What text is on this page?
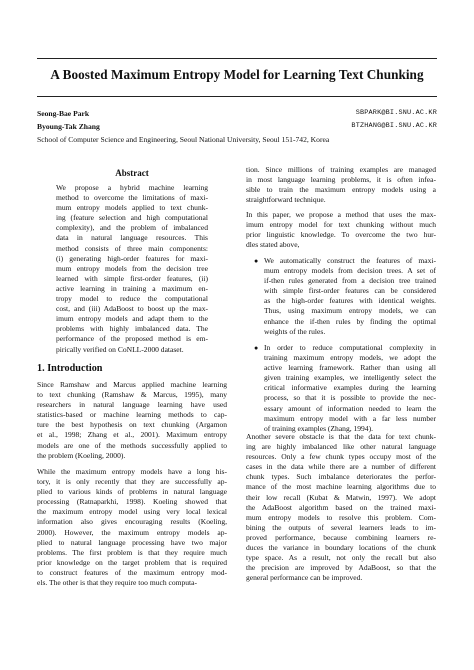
A Boosted Maximum Entropy Model for Learning Text Chunking
Seong-Bae Park	SBPARK@BI.SNU.AC.KR
Byoung-Tak Zhang	BTZHANG@BI.SNU.AC.KR
School of Computer Science and Engineering, Seoul National University, Seoul 151-742, Korea
Abstract
We propose a hybrid machine learning
method to overcome the limitations of maxi-
mum entropy models applied to text chunk-
ing (feature selection and high computational
complexity), and the problem of imbalanced
data in natural language resources. This
method consists of three main components:
(i) generating high-order features for maxi-
mum entropy models from the decision tree
learned with simple first-order features, (ii)
active learning in training a maximum en-
tropy model to reduce the computational
cost, and (iii) AdaBoost to boost up the max-
imum entropy models and adapt them to the
problems with highly imbalanced data. The
performance of the proposed method is em-
pirically verified on CoNLL-2000 dataset.
1. Introduction
Since Ramshaw and Marcus applied machine learning
to text chunking (Ramshaw & Marcus, 1995), many
researchers in natural language learning have used
statistics-based or machine learning methods to cap-
ture the best hypothesis on text chunking (Argamon
et al., 1998; Zhang et al., 2001). Maximum entropy
models are one of the methods successfully applied to
the problem (Koeling, 2000).
While the maximum entropy models have a long his-
tory, it is only recently that they are successfully ap-
plied to various kinds of problems in natural language
processing (Ratnaparkhi, 1998). Koeling showed that
the maximum entropy model using very local lexical
information also gives encouraging results (Koeling,
2000). However, the maximum entropy models ap-
plied to natural language processing have two major
problems. The first problem is that they require much
prior knowledge on the target problem that is required
to construct features of the maximum entropy mod-
els. The other is that they require too much computa-
tion. Since millions of training examples are managed
in most language learning problems, it is often infea-
sible to train the maximum entropy models using a
straightforward technique.
In this paper, we propose a method that uses the max-
imum entropy model for text chunking without much
prior linguistic knowledge. To overcome the two hur-
dles stated above,
● We automatically construct the features of maxi-
mum entropy models from decision trees. A set of
if-then rules generated from a decision tree trained
with simple first-order features can be considered
as the high-order features with identical weights.
Thus, using maximum entropy models, we can
enhance the if-then rules by finding the optimal
weights of the rules.
● In order to reduce computational complexity in
training maximum entropy models, we adopt the
active learning framework. Rather than using all
given training examples, we intelligently select the
critical informative examples during the learning
process, so that it is possible to provide the nec-
essary amount of information needed to learn the
maximum entropy model with a far less number
of training examples (Zhang, 1994).
Another severe obstacle is that the data for text chunk-
ing are highly imbalanced like other natural language
resources. Only a few chunk types occupy most of the
cases in the data while there are a number of different
chunk types. Such imbalance deteriorates the perfor-
mance of the most machine learning algorithms due to
their low recall (Kubat & Matwin, 1997). We adopt
the AdaBoost algorithm based on the trained maxi-
mum entropy models to resolve this problem. Com-
bining the outputs of several learners leads to im-
proved performance, because combining learners re-
duces the variance in boundary locations of the chunk
type space. As a result, not only the recall but also
the precision are improved by AdaBoost, so that the
general performance can be improved.
